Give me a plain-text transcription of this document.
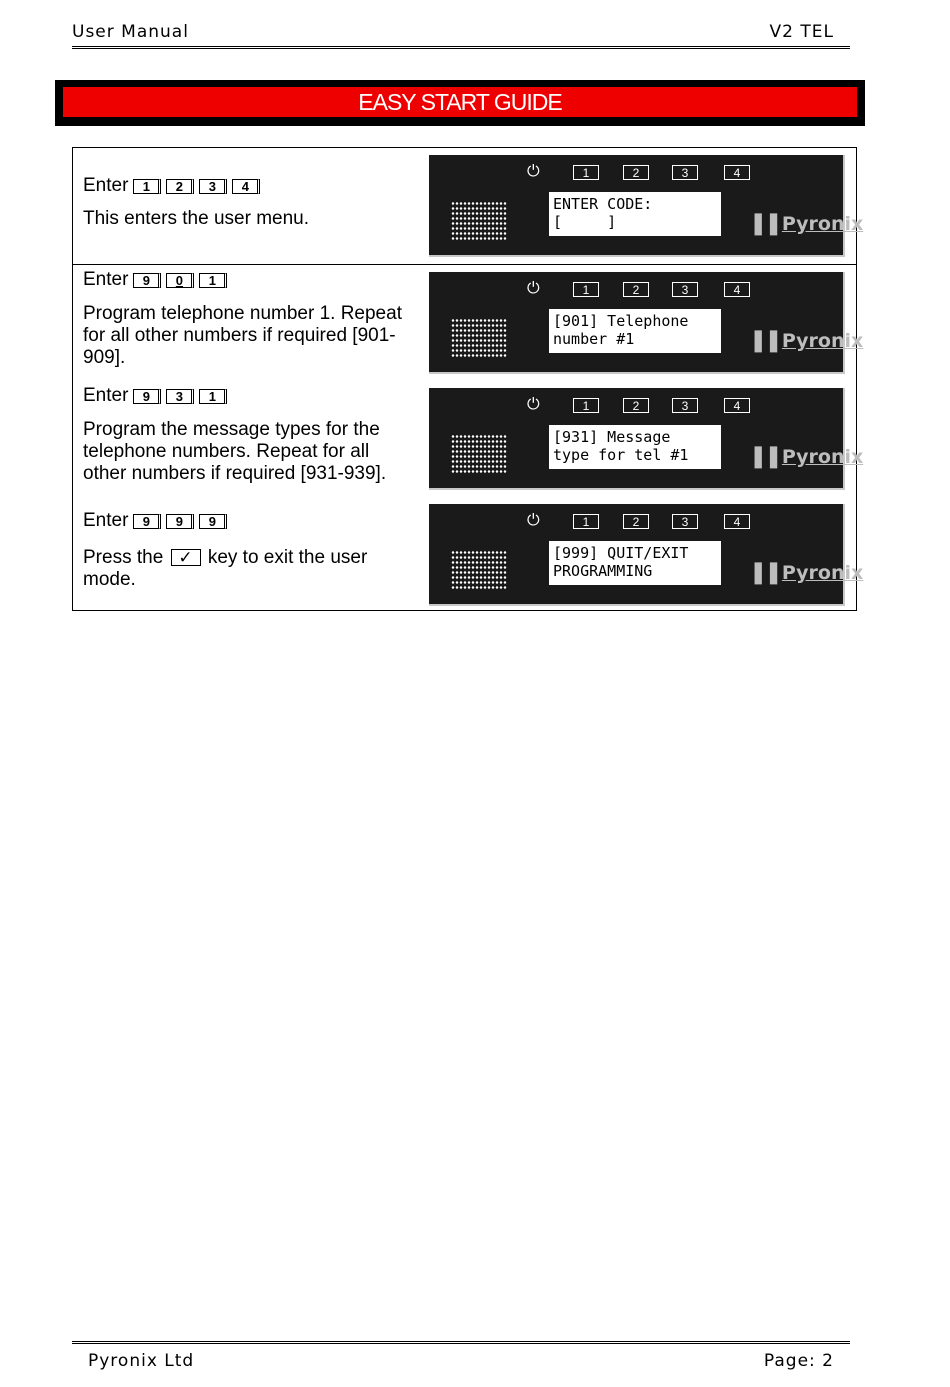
User Manual	V2 TEL
EASY START GUIDE
Enter	1	2	3	4
This enters the user menu.
⏻	1	2	3	4
ENTER CODE:
[     ]	❚❚ Pyronix
Enter	9	0	1
Program telephone number 1. Repeat for all other numbers if required [901-909].
⏻	1	2	3	4
[901] Telephone
number #1	❚❚ Pyronix
Enter	9	3	1
Program the message types for the telephone numbers. Repeat for all other numbers if required [931-939].
⏻	1	2	3	4
[931] Message
type for tel #1	❚❚ Pyronix
Enter	9	9	9
Press the ✓ key to exit the user mode.
⏻	1	2	3	4
[999] QUIT/EXIT
PROGRAMMING	❚❚ Pyronix
Pyronix Ltd	Page: 2
